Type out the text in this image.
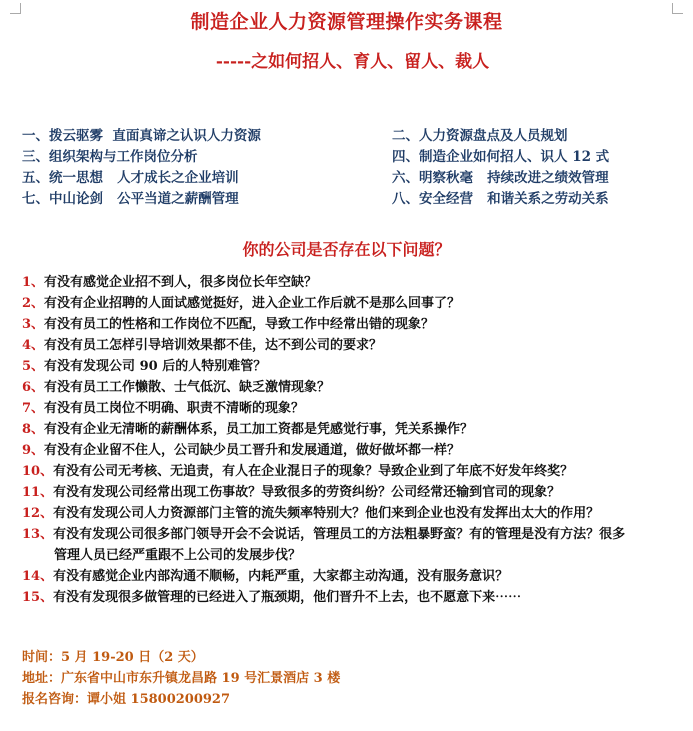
制造企业人力资源管理操作实务课程
-----之如何招人、育人、留人、裁人
一、拨云驱雾  直面真谛之认识人力资源	二、人力资源盘点及人员规划
三、组织架构与工作岗位分析	四、制造企业如何招人、识人 12 式
五、统一思想   人才成长之企业培训	六、明察秋毫   持续改进之绩效管理
七、中山论剑   公平当道之薪酬管理	八、安全经营   和谐关系之劳动关系
你的公司是否存在以下问题？
1、有没有感觉企业招不到人，很多岗位长年空缺？
2、有没有企业招聘的人面试感觉挺好，进入企业工作后就不是那么回事了？
3、有没有员工的性格和工作岗位不匹配，导致工作中经常出错的现象？
4、有没有员工怎样引导培训效果都不佳，达不到公司的要求？
5、有没有发现公司 90 后的人特别难管？
6、有没有员工工作懒散、士气低沉、缺乏激情现象？
7、有没有员工岗位不明确、职责不清晰的现象？
8、有没有企业无清晰的薪酬体系，员工加工资都是凭感觉行事，凭关系操作？
9、有没有企业留不住人，公司缺少员工晋升和发展通道，做好做坏都一样？
10、有没有公司无考核、无追责，有人在企业混日子的现象？导致企业到了年底不好发年终奖？
11、有没有发现公司经常出现工伤事故？导致很多的劳资纠纷？公司经常还输到官司的现象？
12、有没有发现公司人力资源部门主管的流失频率特别大？他们来到企业也没有发挥出太大的作用？
13、有没有发现公司很多部门领导开会不会说话，管理员工的方法粗暴野蛮？有的管理是没有方法？很多
管理人员已经严重跟不上公司的发展步伐？
14、有没有感觉企业内部沟通不顺畅，内耗严重，大家都主动沟通，没有服务意识？
15、有没有发现很多做管理的已经进入了瓶颈期，他们晋升不上去，也不愿意下来⋯⋯
时间：5 月 19-20 日（2 天）
地址：广东省中山市东升镇龙昌路 19 号汇景酒店 3 楼
报名咨询：谭小姐 15800200927
